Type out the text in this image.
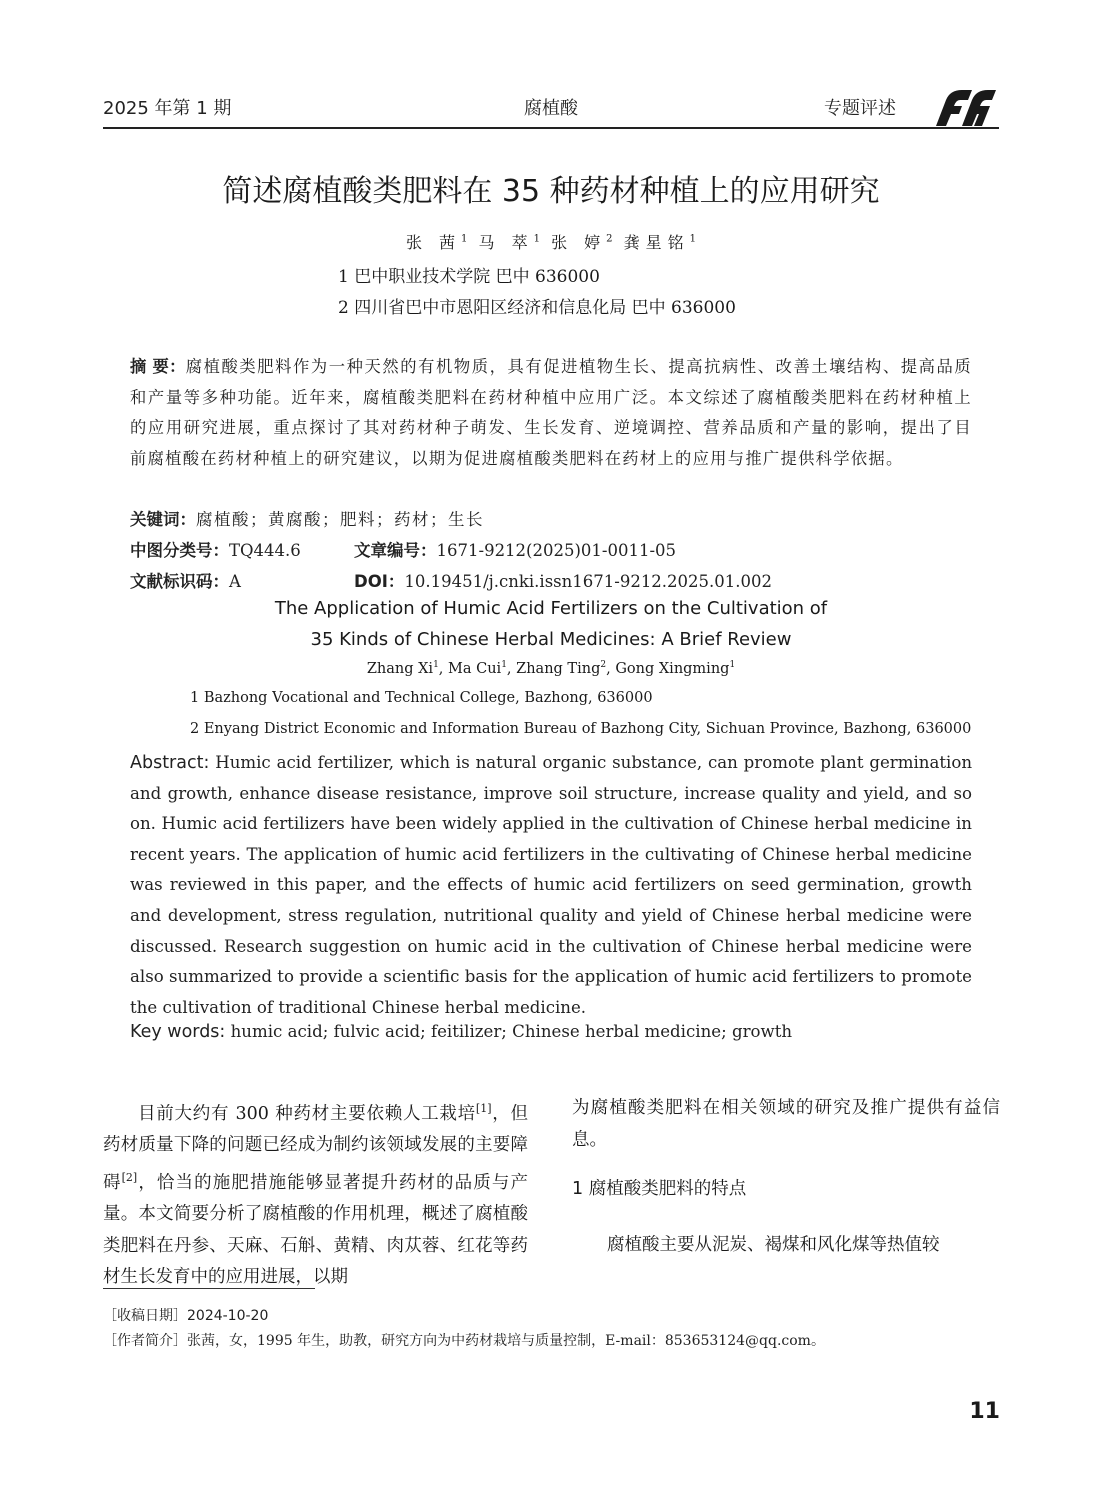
2025 年第 1 期	腐植酸	专题评述
简述腐植酸类肥料在 35 种药材种植上的应用研究
张 茜$^1$ 马 萃$^1$ 张 婷$^2$ 龚星铭$^1$
1 巴中职业技术学院 巴中 636000
2 四川省巴中市恩阳区经济和信息化局 巴中 636000
摘 要：腐植酸类肥料作为一种天然的有机物质，具有促进植物生长、提高抗病性、改善土壤结构、提高品质和产量等多种功能。近年来，腐植酸类肥料在药材种植中应用广泛。本文综述了腐植酸类肥料在药材种植上的应用研究进展，重点探讨了其对药材种子萌发、生长发育、逆境调控、营养品质和产量的影响，提出了目前腐植酸在药材种植上的研究建议，以期为促进腐植酸类肥料在药材上的应用与推广提供科学依据。
关键词：腐植酸；黄腐酸；肥料；药材；生长
中图分类号：TQ444.6	文章编号：1671-9212(2025)01-0011-05
文献标识码：A	DOI：10.19451/j.cnki.issn1671-9212.2025.01.002
The Application of Humic Acid Fertilizers on the Cultivation of
35 Kinds of Chinese Herbal Medicines: A Brief Review
Zhang Xi$^1$, Ma Cui$^1$, Zhang Ting$^2$, Gong Xingming$^1$
1 Bazhong Vocational and Technical College, Bazhong, 636000
2 Enyang District Economic and Information Bureau of Bazhong City, Sichuan Province, Bazhong, 636000
Abstract: Humic acid fertilizer, which is natural organic substance, can promote plant germination and growth, enhance disease resistance, improve soil structure, increase quality and yield, and so on. Humic acid fertilizers have been widely applied in the cultivation of Chinese herbal medicine in recent years. The application of humic acid fertilizers in the cultivating of Chinese herbal medicine was reviewed in this paper, and the effects of humic acid fertilizers on seed germination, growth and development, stress regulation, nutritional quality and yield of Chinese herbal medicine were discussed. Research suggestion on humic acid in the cultivation of Chinese herbal medicine were also summarized to provide a scientific basis for the application of humic acid fertilizers to promote the cultivation of traditional Chinese herbal medicine.
Key words: humic acid; fulvic acid; feitilizer; Chinese herbal medicine; growth
目前大约有 300 种药材主要依赖人工栽培[1]，但药材质量下降的问题已经成为制约该领域发展的主要障碍[2]，恰当的施肥措施能够显著提升药材的品质与产量。本文简要分析了腐植酸的作用机理，概述了腐植酸类肥料在丹参、天麻、石斛、黄精、肉苁蓉、红花等药材生长发育中的应用进展，以期
为腐植酸类肥料在相关领域的研究及推广提供有益信息。
1 腐植酸类肥料的特点
腐植酸主要从泥炭、褐煤和风化煤等热值较
［收稿日期］2024-10-20
［作者简介］张茜，女，1995 年生，助教，研究方向为中药材栽培与质量控制，E-mail：853653124@qq.com。
11
